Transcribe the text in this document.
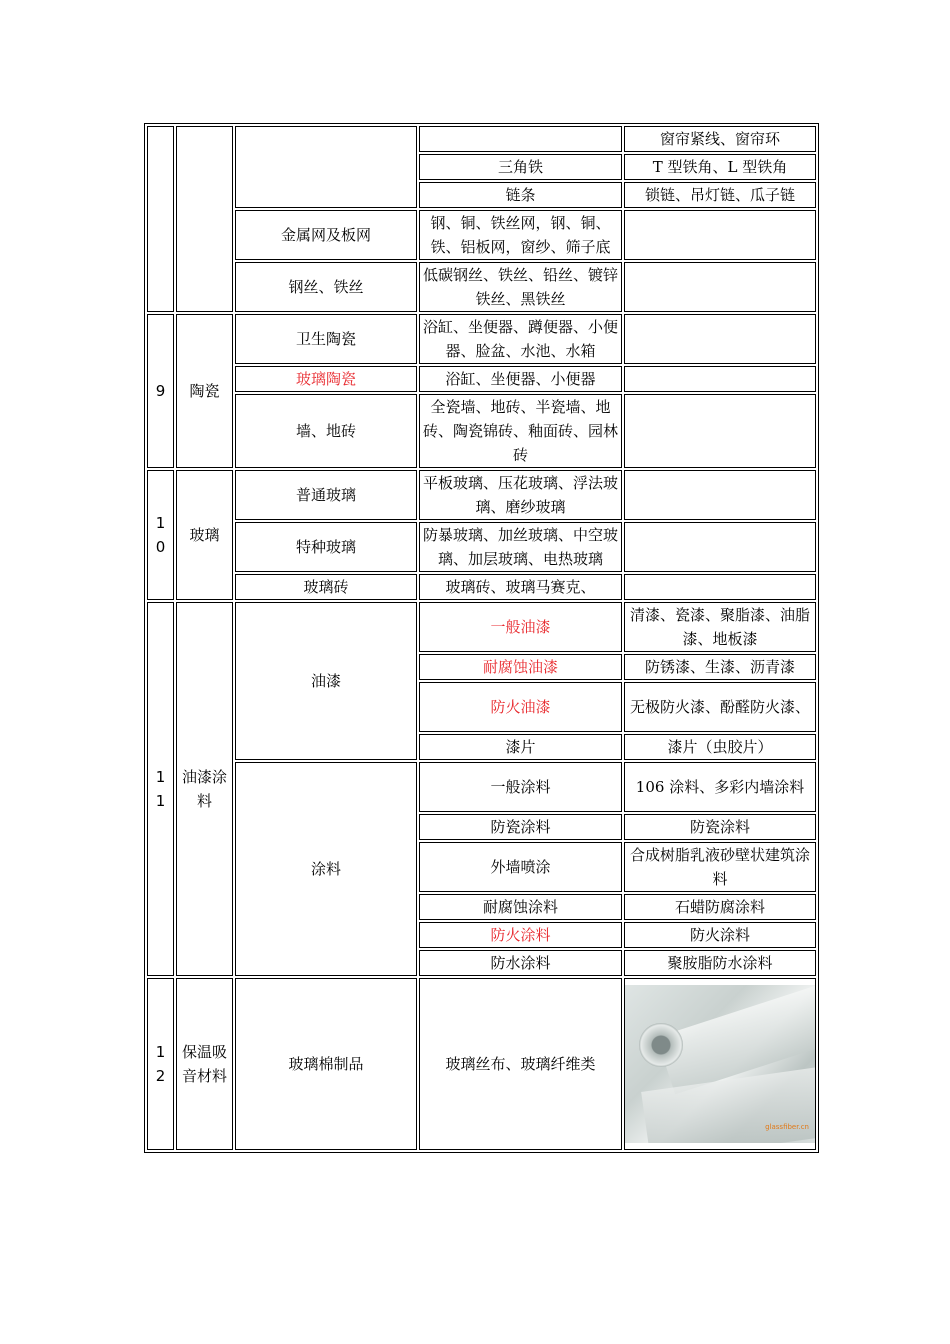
				窗帘紧线、窗帘环
			三角铁	T 型铁角、L 型铁角
			链条	锁链、吊灯链、瓜子链
		金属网及板网	钢、铜、铁丝网，钢、铜、铁、铝板网，窗纱、筛子底	
		钢丝、铁丝	低碳钢丝、铁丝、铅丝、镀锌铁丝、黑铁丝	
9	陶瓷	卫生陶瓷	浴缸、坐便器、蹲便器、小便器、脸盆、水池、水箱	
		玻璃陶瓷	浴缸、坐便器、小便器	
		墙、地砖	全瓷墙、地砖、半瓷墙、地砖、陶瓷锦砖、釉面砖、园林砖	
10	玻璃	普通玻璃	平板玻璃、压花玻璃、浮法玻璃、磨纱玻璃	
		特种玻璃	防暴玻璃、加丝玻璃、中空玻璃、加层玻璃、电热玻璃	
		玻璃砖	玻璃砖、玻璃马赛克、	
11	油漆涂料	油漆	一般油漆	清漆、瓷漆、聚脂漆、油脂漆、地板漆
			耐腐蚀油漆	防锈漆、生漆、沥青漆
			防火油漆	无极防火漆、酚醛防火漆、
			漆片	漆片（虫胶片）
		涂料	一般涂料	106 涂料、多彩内墙涂料
			防瓷涂料	防瓷涂料
			外墙喷涂	合成树脂乳液砂壁状建筑涂料
			耐腐蚀涂料	石蜡防腐涂料
			防火涂料	防火涂料
			防水涂料	聚胺脂防水涂料
12	保温吸音材料	玻璃棉制品	玻璃丝布、玻璃纤维类	glassfiber.cn
